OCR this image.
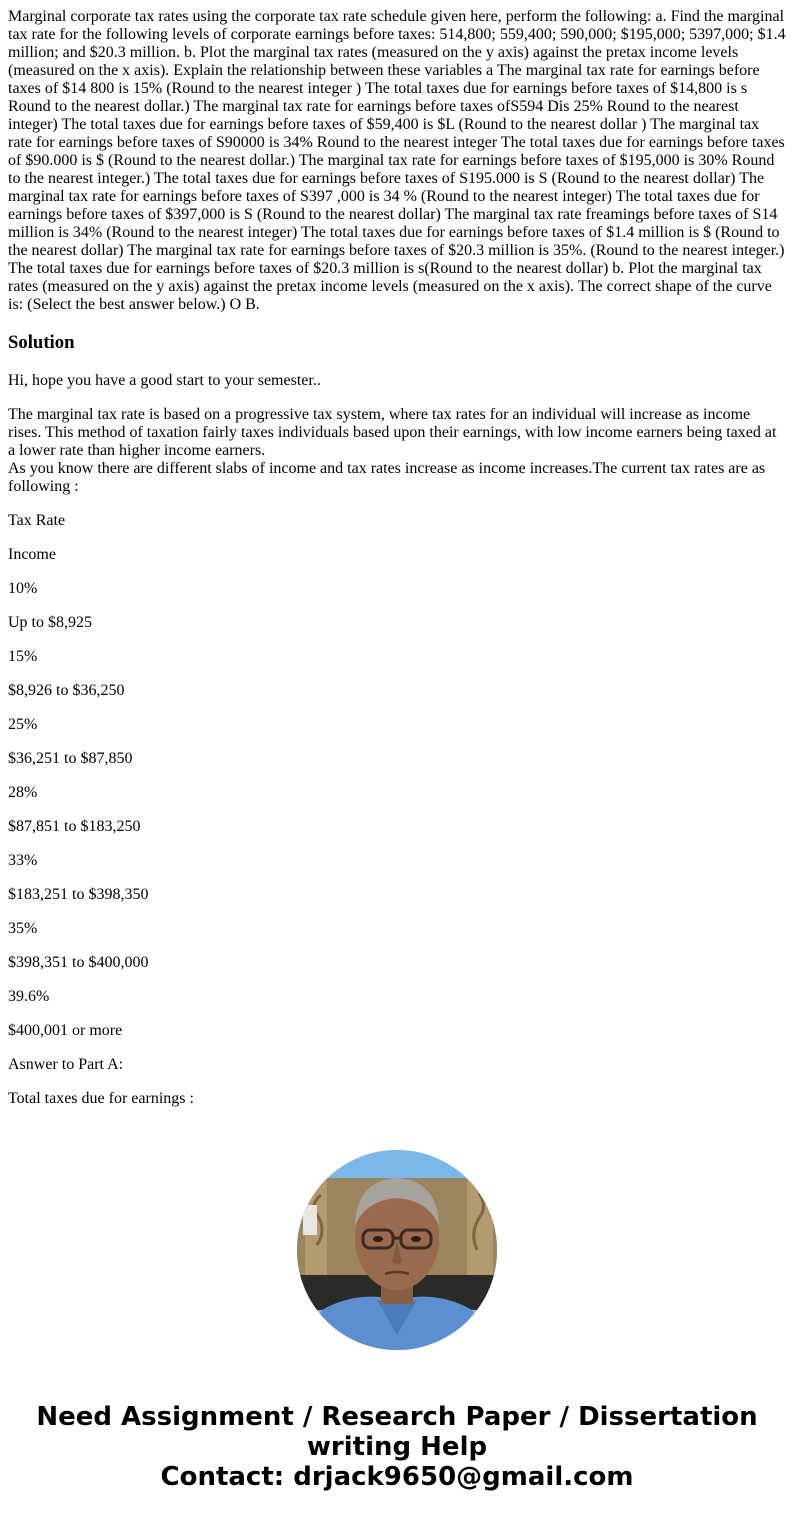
Marginal corporate tax rates using the corporate tax rate schedule given here, perform the following: a. Find the marginal tax rate for the following levels of corporate earnings before taxes: 514,800; 559,400; 590,000; $195,000; 5397,000; $1.4 million; and $20.3 million. b. Plot the marginal tax rates (measured on the y axis) against the pretax income levels (measured on the x axis). Explain the relationship between these variables a The marginal tax rate for earnings before taxes of $14 800 is 15% (Round to the nearest integer ) The total taxes due for earnings before taxes of $14,800 is s Round to the nearest dollar.) The marginal tax rate for earnings before taxes ofS594 Dis 25% Round to the nearest integer) The total taxes due for earnings before taxes of $59,400 is $L (Round to the nearest dollar ) The marginal tax rate for earnings before taxes of S90000 is 34% Round to the nearest integer The total taxes due for earnings before taxes of $90.000 is $ (Round to the nearest dollar.) The marginal tax rate for earnings before taxes of $195,000 is 30% Round to the nearest integer.) The total taxes due for earnings before taxes of S195.000 is S (Round to the nearest dollar) The marginal tax rate for earnings before taxes of S397 ,000 is 34 % (Round to the nearest integer) The total taxes due for earnings before taxes of $397,000 is S (Round to the nearest dollar) The marginal tax rate freamings before taxes of S14 million is 34% (Round to the nearest integer) The total taxes due for earnings before taxes of $1.4 million is $ (Round to the nearest dollar) The marginal tax rate for earnings before taxes of $20.3 million is 35%. (Round to the nearest integer.) The total taxes due for earnings before taxes of $20.3 million is s(Round to the nearest dollar) b. Plot the marginal tax rates (measured on the y axis) against the pretax income levels (measured on the x axis). The correct shape of the curve is: (Select the best answer below.) O B.

Solution

Hi, hope you have a good start to your semester..

The marginal tax rate is based on a progressive tax system, where tax rates for an individual will increase as income rises. This method of taxation fairly taxes individuals based upon their earnings, with low income earners being taxed at a lower rate than higher income earners.
As you know there are different slabs of income and tax rates increase as income increases.The current tax rates are as following :

Tax Rate

Income

10%

Up to $8,925

15%

$8,926 to $36,250

25%

$36,251 to $87,850

28%

$87,851 to $183,250

33%

$183,251 to $398,350

35%

$398,351 to $400,000

39.6%

$400,001 or more

Asnwer to Part A:

Total taxes due for earnings :

Need Assignment / Research Paper / Dissertation
writing Help
Contact: drjack9650@gmail.com
